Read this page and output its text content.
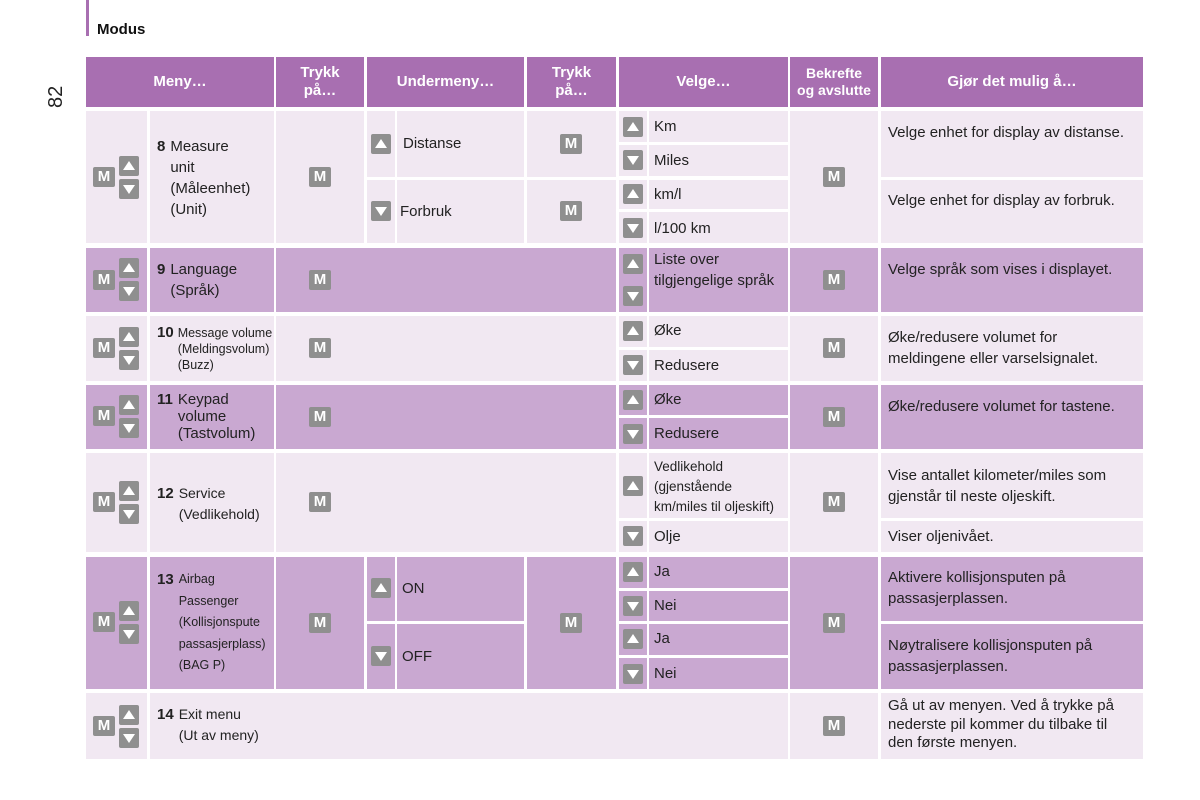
Modus
82
Meny…
Trykk
på…
Undermeny…
Trykk
på…
Velge…	Bekrefte
og avslutte	Gjør det mulig å…
M
8 Measure
unit
(Måleenhet)
(Unit)
M
Distanse
Forbruk
M
M
Km
Miles
km/l
l/100 km
M
Velge enhet for display av distanse.
Velge enhet for display av forbruk.
M
9 Language
(Språk)
M
Liste over tilgjengelige språk
M
Velge språk som vises i displayet.
M
10 Message volume
(Meldingsvolum)
(Buzz)
M
Øke
Redusere
M
Øke/redusere volumet for meldingene eller varselsignalet.
M
11 Keypad
volume
(Tastvolum)
M
Øke
Redusere
M
Øke/redusere volumet for tastene.
M
12 Service
(Vedlikehold)
M
Vedlikehold
(gjenstående
km/miles til oljeskift)
Olje
M
Vise antallet kilometer/miles som gjenstår til neste oljeskift.
Viser oljenivået.
M
13 Airbag
Passenger
(Kollisjonspute
passasjerplass)
(BAG P)
M
ON
OFF
M
Ja
Nei
Ja
Nei
M
Aktivere kollisjonsputen på passasjerplassen.
Nøytralisere kollisjonsputen på passasjerplassen.
M
14 Exit menu
(Ut av meny)
M
Gå ut av menyen. Ved å trykke på nederste pil kommer du tilbake til den første menyen.
